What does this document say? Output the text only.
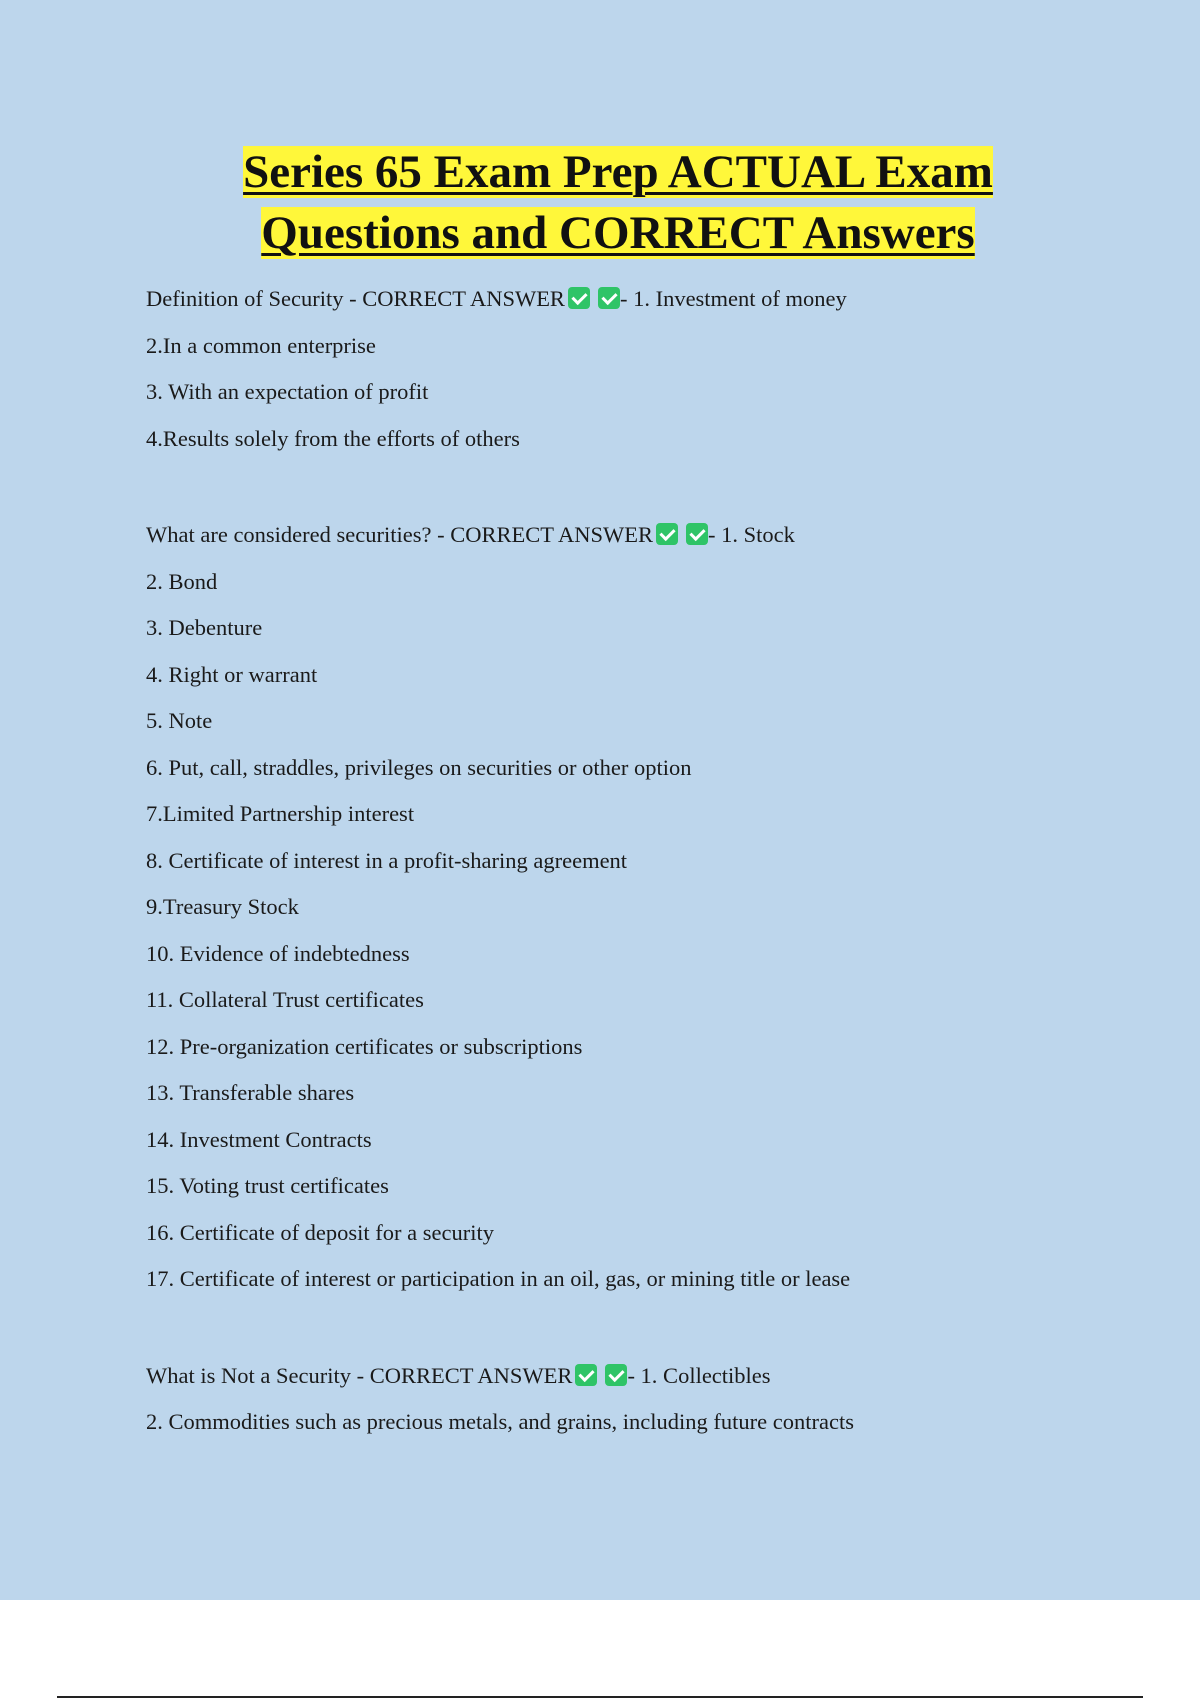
Series 65 Exam Prep ACTUAL Exam
Questions and CORRECT Answers
Definition of Security - CORRECT ANSWER - 1. Investment of money
2.In a common enterprise
3. With an expectation of profit
4.Results solely from the efforts of others
What are considered securities? - CORRECT ANSWER - 1. Stock
2. Bond
3. Debenture
4. Right or warrant
5. Note
6. Put, call, straddles, privileges on securities or other option
7.Limited Partnership interest
8. Certificate of interest in a profit-sharing agreement
9.Treasury Stock
10. Evidence of indebtedness
11. Collateral Trust certificates
12. Pre-organization certificates or subscriptions
13. Transferable shares
14. Investment Contracts
15. Voting trust certificates
16. Certificate of deposit for a security
17. Certificate of interest or participation in an oil, gas, or mining title or lease
What is Not a Security - CORRECT ANSWER - 1. Collectibles
2. Commodities such as precious metals, and grains, including future contracts
